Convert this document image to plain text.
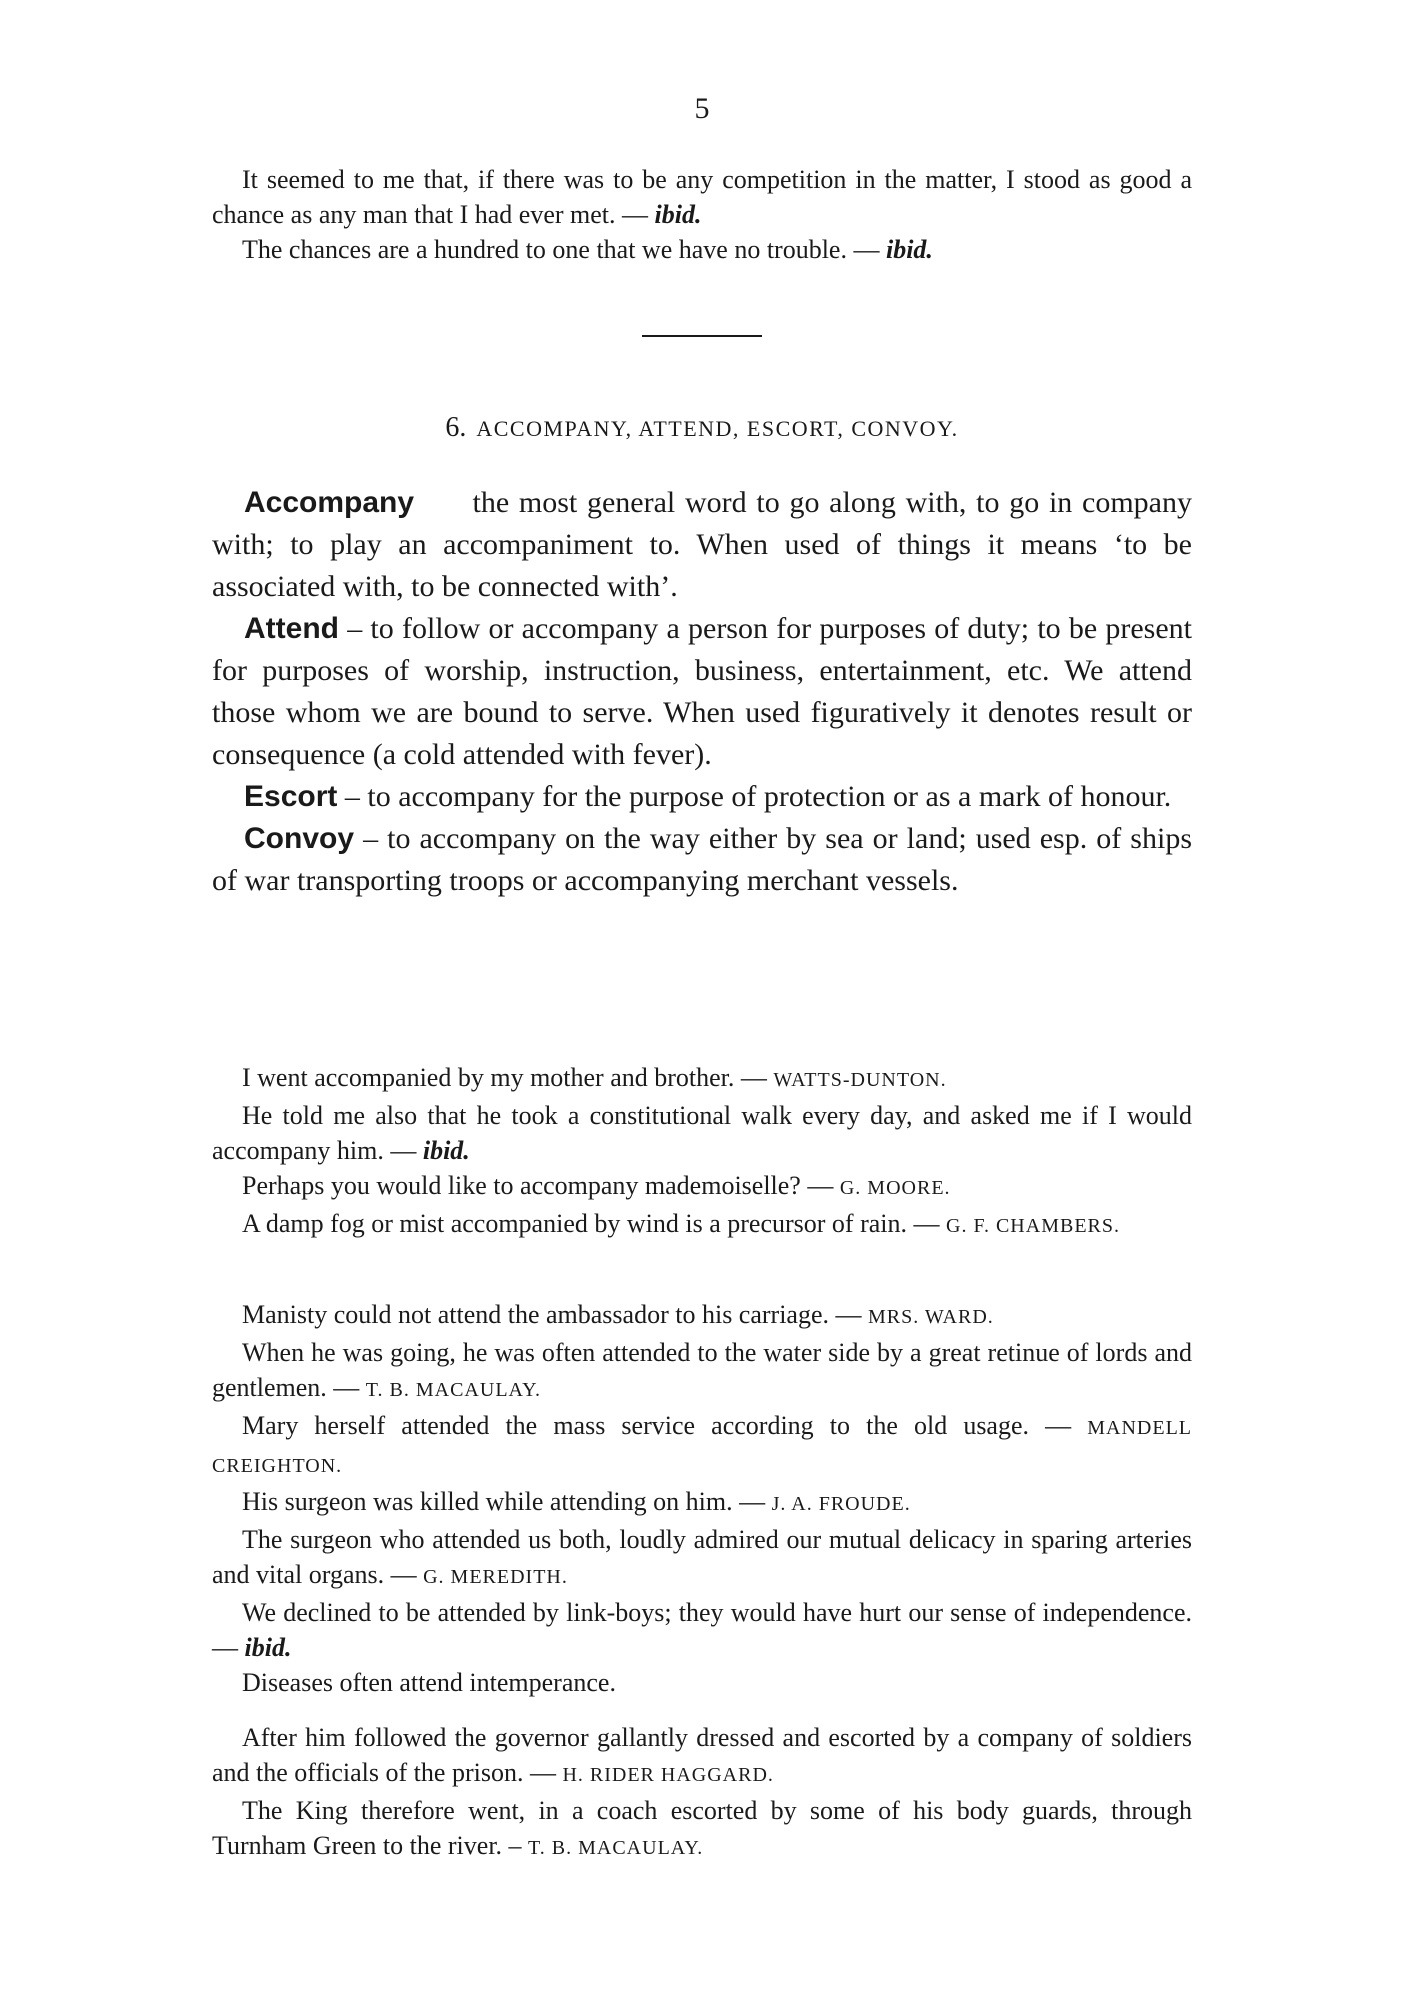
5

It seemed to me that, if there was to be any competition in the matter, I stood as good a chance as any man that I had ever met. — ibid.

The chances are a hundred to one that we have no trouble. — ibid.

6. ACCOMPANY, ATTEND, ESCORT, CONVOY.

Accompany the most general word to go along with, to go in company with; to play an accompaniment to. When used of things it means ‘to be associated with, to be connected with’.

Attend – to follow or accompany a person for purposes of duty; to be present for purposes of worship, instruction, business, entertainment, etc. We attend those whom we are bound to serve. When used figuratively it denotes result or consequence (a cold attended with fever).

Escort – to accompany for the purpose of protection or as a mark of honour.

Convoy – to accompany on the way either by sea or land; used esp. of ships of war transporting troops or accompanying merchant vessels.

I went accompanied by my mother and brother. — WATTS-DUNTON.

He told me also that he took a constitutional walk every day, and asked me if I would accompany him. — ibid.

Perhaps you would like to accompany mademoiselle? — G. MOORE.

A damp fog or mist accompanied by wind is a precursor of rain. — G. F. CHAMBERS.

Manisty could not attend the ambassador to his carriage. — MRS. WARD.

When he was going, he was often attended to the water side by a great retinue of lords and gentlemen. — T. B. MACAULAY.

Mary herself attended the mass service according to the old usage. — MANDELL CREIGHTON.

His surgeon was killed while attending on him. — J. A. FROUDE.

The surgeon who attended us both, loudly admired our mutual delicacy in sparing arteries and vital organs. — G. MEREDITH.

We declined to be attended by link-boys; they would have hurt our sense of independence. — ibid.

Diseases often attend intemperance.

After him followed the governor gallantly dressed and escorted by a company of soldiers and the officials of the prison. — H. RIDER HAGGARD.

The King therefore went, in a coach escorted by some of his body guards, through Turnham Green to the river. – T. B. MACAULAY.
